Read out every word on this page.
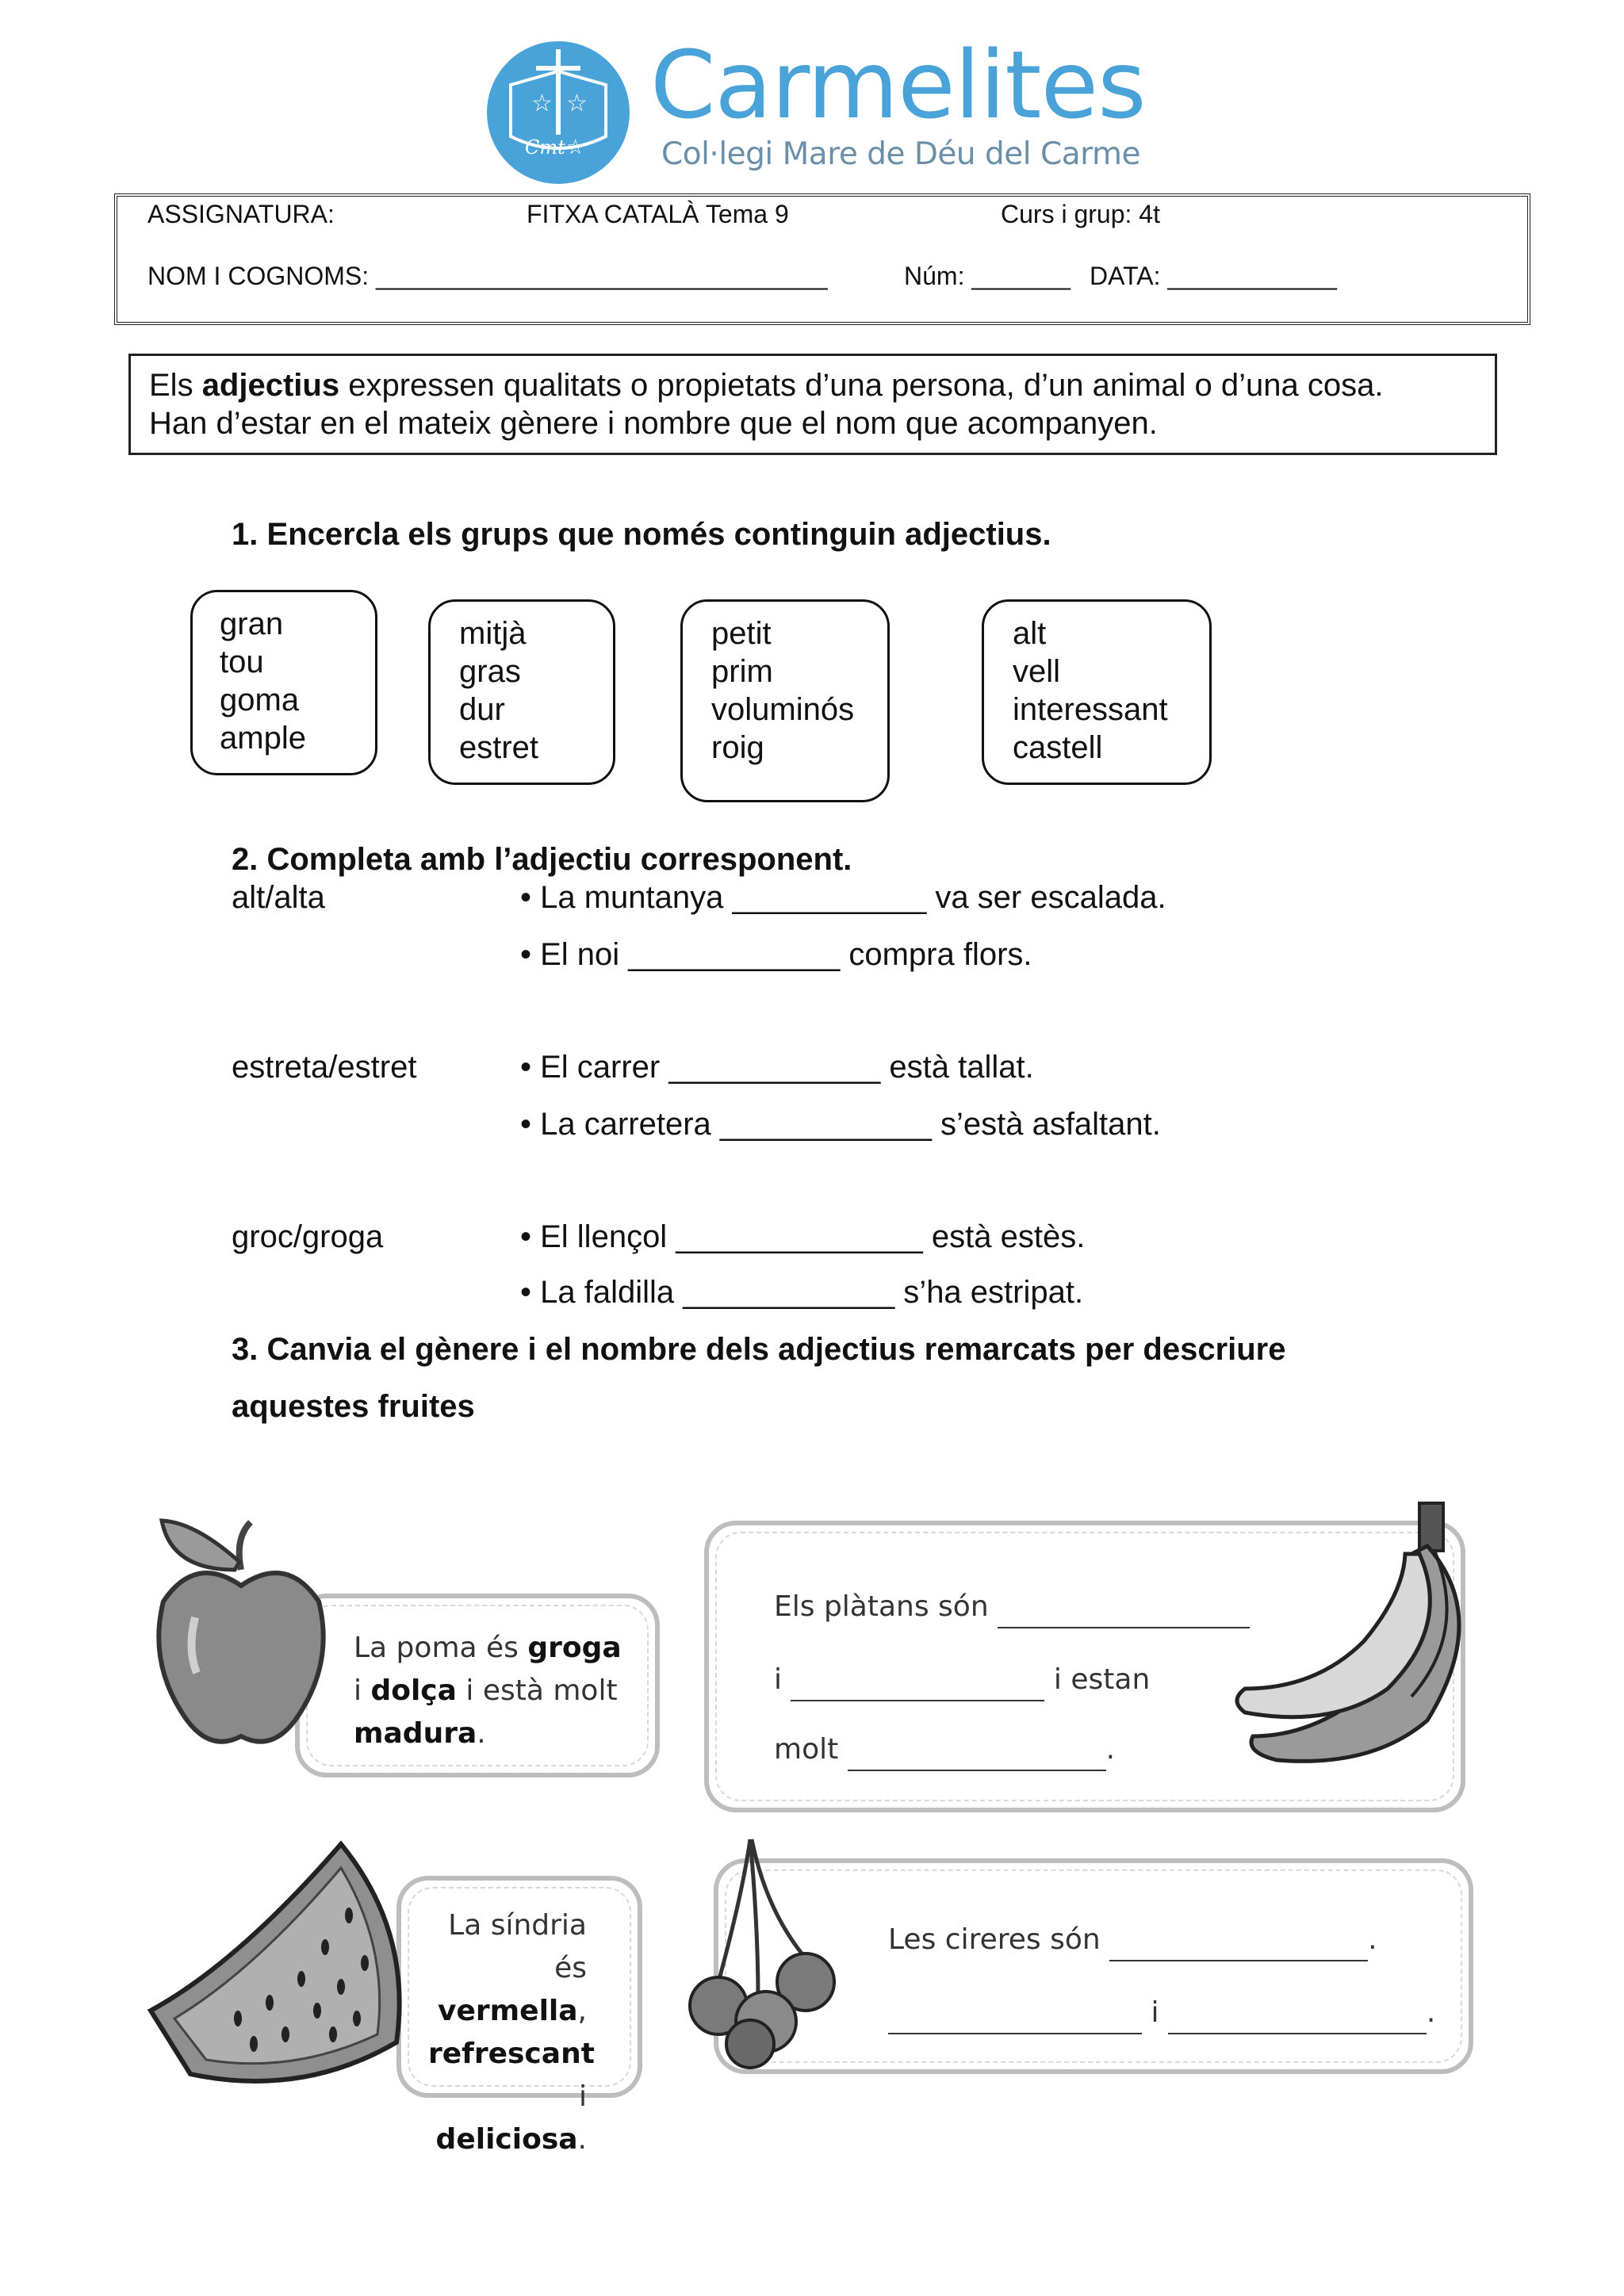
☆ ☆
Cmt ☆
Carmelites
Col·legi Mare de Déu del Carme
ASSIGNATURA:	FITXA CATALÀ Tema 9	Curs i grup: 4t
NOM I COGNOMS: ________________________________	Núm: _______ DATA: ____________
Els adjectius expressen qualitats o propietats d’una persona, d’un animal o d’una cosa.
Han d’estar en el mateix gènere i nombre que el nom que acompanyen.
1. Encercla els grups que només continguin adjectius.
gran
tou
goma
ample
mitjà
gras
dur
estret
petit
prim
voluminós
roig
alt
vell
interessant
castell
2. Completa amb l’adjectiu corresponent.
alt/alta	• La muntanya ___________ va ser escalada.
• El noi ____________ compra flors.
estreta/estret	• El carrer ____________ està tallat.
• La carretera ____________ s’està asfaltant.
groc/groga	• El llençol ______________ està estès.
• La faldilla ____________ s’ha estripat.
3. Canvia el gènere i el nombre dels adjectius remarcats per descriure
aquestes fruites
La poma és groga
i dolça i està molt
madura.
Els plàtans són
i	i estan
molt	.
La síndria
és vermella,
refrescant
i deliciosa.
Les cireres són	.
i	.
